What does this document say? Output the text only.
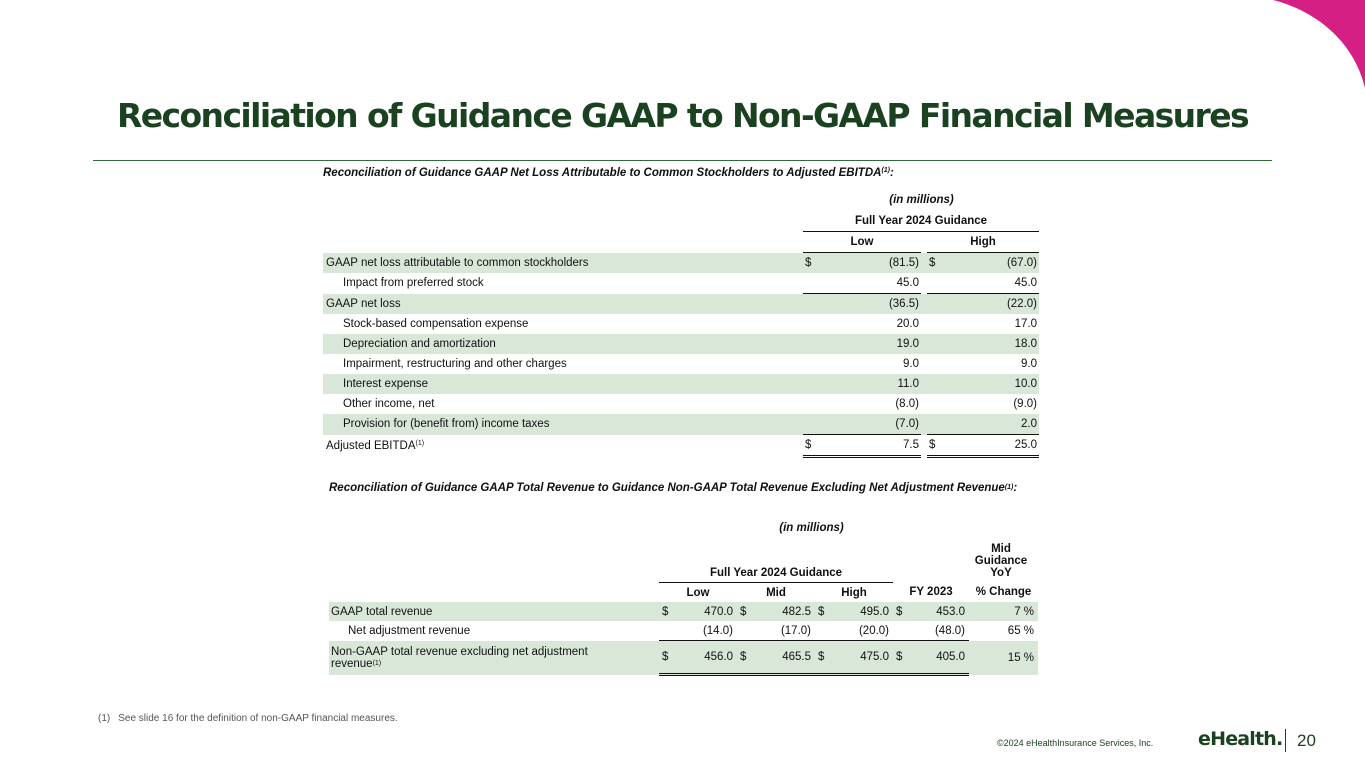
Reconciliation of Guidance GAAP to Non-GAAP Financial Measures
Reconciliation of Guidance GAAP Net Loss Attributable to Common Stockholders to Adjusted EBITDA$^{(1)}$:
(in millions)
	Full Year 2024 Guidance				
	Low			High	
GAAP net loss attributable to common stockholders	$	(81.5)		$	(67.0)
Impact from preferred stock		45.0			45.0
GAAP net loss		(36.5)			(22.0)
Stock-based compensation expense		20.0			17.0
Depreciation and amortization		19.0			18.0
Impairment, restructuring and other charges		9.0			9.0
Interest expense		11.0			10.0
Other income, net		(8.0)			(9.0)
Provision for (benefit from) income taxes		(7.0)			2.0
Adjusted EBITDA$^{(1)}$	$	7.5		$	25.0
Reconciliation of Guidance GAAP Total Revenue to Guidance Non-GAAP Total Revenue Excluding Net Adjustment Revenue$^{(1)}$:
(in millions)
Mid
Guidance
YoY
	Full Year 2024 Guidance								
	Low		Mid		High		FY 2023		% Change
GAAP total revenue	$	470.0	$	482.5	$	495.0	$	453.0	7 %
Net adjustment revenue		(14.0)		(17.0)		(20.0)		(48.0)	65 %

Non-GAAP total revenue excluding net adjustment
revenue$^{(1)}$	$	456.0	$	465.5	$	475.0	$	405.0	15 %
(1) See slide 16 for the definition of non-GAAP financial measures.
©2024 eHealthInsurance Services, Inc. eHealth. 20
